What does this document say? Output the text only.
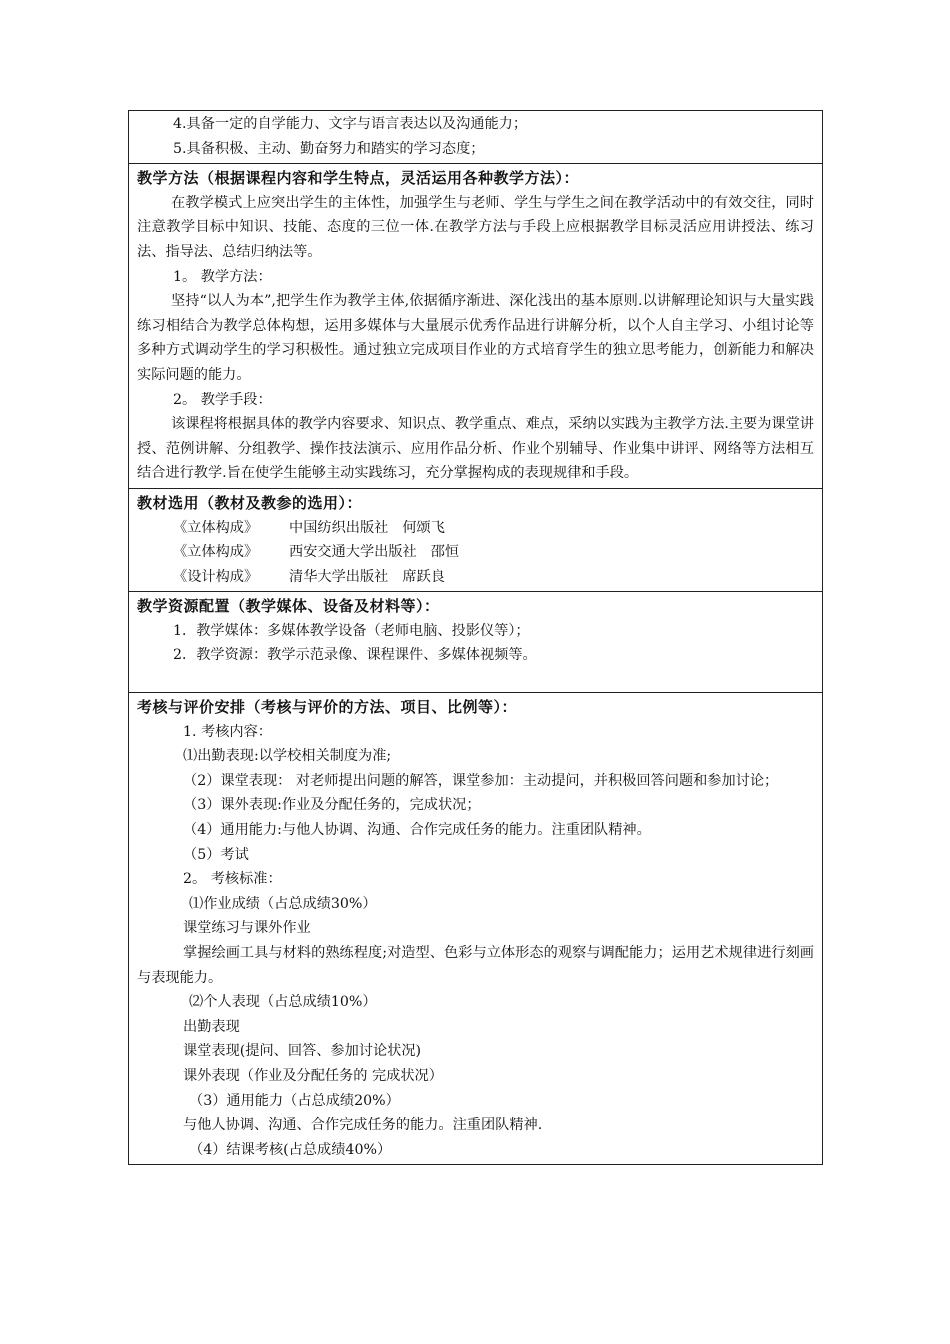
4.具备一定的自学能力、文字与语言表达以及沟通能力；
5.具备积极、主动、勤奋努力和踏实的学习态度；
教学方法（根据课程内容和学生特点，灵活运用各种教学方法）：
在教学模式上应突出学生的主体性，加强学生与老师、学生与学生之间在教学活动中的有效交往，同时注意教学目标中知识、技能、态度的三位一体.在教学方法与手段上应根据教学目标灵活应用讲授法、练习法、指导法、总结归纳法等。
1。 教学方法：
坚持“以人为本”,把学生作为教学主体,依据循序渐进、深化浅出的基本原则.以讲解理论知识与大量实践练习相结合为教学总体构想，运用多媒体与大量展示优秀作品进行讲解分析，以个人自主学习、小组讨论等多种方式调动学生的学习积极性。通过独立完成项目作业的方式培育学生的独立思考能力，创新能力和解决实际问题的能力。
2。 教学手段：
该课程将根据具体的教学内容要求、知识点、教学重点、难点，采纳以实践为主教学方法.主要为课堂讲授、范例讲解、分组教学、操作技法演示、应用作品分析、作业个别辅导、作业集中讲评、网络等方法相互结合进行教学.旨在使学生能够主动实践练习，充分掌握构成的表现规律和手段。
教材选用（教材及教参的选用）：
《立体构成》 中国纺织出版社 何颂飞
《立体构成》 西安交通大学出版社 邵恒
《设计构成》 清华大学出版社 席跃良
教学资源配置（教学媒体、设备及材料等）：
1．教学媒体：多媒体教学设备（老师电脑、投影仪等）；
2．教学资源：教学示范录像、课程课件、多媒体视频等。
考核与评价安排（考核与评价的方法、项目、比例等）：
1. 考核内容：
⑴出勤表现:以学校相关制度为准;
（2）课堂表现： 对老师提出问题的解答，课堂参加：主动提问，并积极回答问题和参加讨论；
（3）课外表现:作业及分配任务的，完成状况；
（4）通用能力:与他人协调、沟通、合作完成任务的能力。注重团队精神。
（5）考试
2。 考核标准：
⑴作业成绩（占总成绩30%）
课堂练习与课外作业
掌握绘画工具与材料的熟练程度;对造型、色彩与立体形态的观察与调配能力；运用艺术规律进行刻画与表现能力。
⑵个人表现（占总成绩10%）
出勤表现
课堂表现(提问、回答、参加讨论状况)
课外表现（作业及分配任务的 完成状况）
（3）通用能力（占总成绩20%）
与他人协调、沟通、合作完成任务的能力。注重团队精神.
（4）结课考核(占总成绩40%）
